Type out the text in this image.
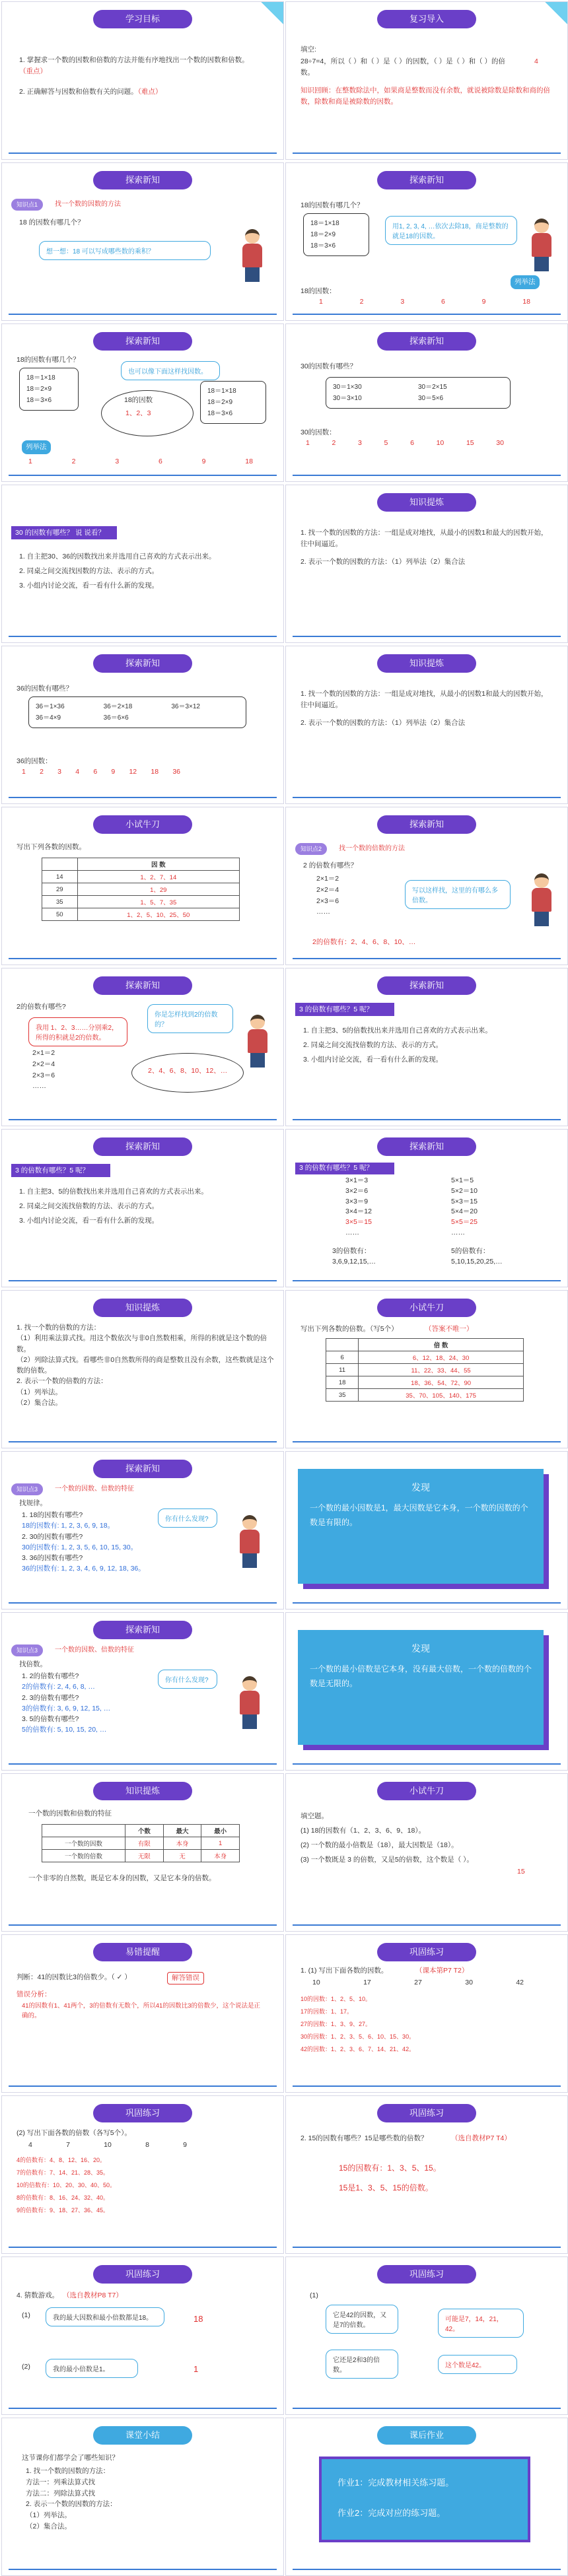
学习目标
1. 掌握求一个数的因数和倍数的方法并能有序地找出一个数的因数和倍数。（重点）
2. 正确解答与因数和倍数有关的问题。（难点）
复习导入
填空:
28÷7=4，所以（ ）和（ ）是（ ）的因数，（ ）是（ ）和（ ）的倍数。
4
知识回顾：在整数除法中，如果商是整数而没有余数，就说被除数是除数和商的倍数，除数和商是被除数的因数。
探索新知
知识点1	找一个数的因数的方法
18 的因数有哪几个？
想一想：18 可以写成哪些数的乘积？
探索新知
18的因数有哪几个？
18＝1×18
18＝2×9
18＝3×6
用1, 2, 3, 4, …依次去除18，商是整数的就是18的因数。
列举法
18的因数：
1	2	3	6	9	18
探索新知
18的因数有哪几个？
18＝1×18
18＝2×9
18＝3×6
也可以像下面这样找因数。
18的因数
1、2、3
列举法
18＝1×18
18＝2×9
18＝3×6
1	2	3	6	9	18
探索新知
30的因数有哪些？
30＝1×30	30＝2×15
30＝3×10	30＝5×6
30的因数：
1	2	3	5	6	10	15	30
30 的因数有哪些？ 说 说看？
1. 自主把30、36的因数找出来并选用自己喜欢的方式表示出来。
2. 同桌之间交流找因数的方法、表示的方式。
3. 小组内讨论交流，看一看有什么新的发现。
知识提炼
1. 找一个数的因数的方法：一组是成对地找，从最小的因数1和最大的因数开始，往中间逼近。
2. 表示一个数的因数的方法：（1）列举法（2）集合法
探索新知
36的因数有哪些？
36＝1×36	36＝2×18	36＝3×12
36＝4×9	36＝6×6
36的因数：
1 2 3 4 6 9 12 18 36
知识提炼
1. 找一个数的因数的方法：一组是成对地找，从最小的因数1和最大的因数开始，往中间逼近。
2. 表示一个数的因数的方法：（1）列举法（2）集合法
小试牛刀
写出下列各数的因数。
	因 数
14	1、2、7、14
29	1、29
35	1、5、7、35
50	1、2、5、10、25、50
探索新知
知识点2	找一个数的倍数的方法
2 的倍数有哪些？
2×1＝2
2×2＝4
2×3＝6
……
写以这样找，这里的有哪么多倍数。
2的倍数有：2、4、6、8、10、…
探索新知
2的倍数有哪些?
你是怎样找到2的倍数的？
我用 1、2、3……分别乘2，所得的积就是2的倍数。
2×1＝2
2×2＝4
2×3＝6
……
2、4、6、8、10、12、…
探索新知
3 的倍数有哪些？5 呢？
1. 自主把3、5的倍数找出来并选用自己喜欢的方式表示出来。
2. 同桌之间交流找倍数的方法、表示的方式。
3. 小组内讨论交流，看一看有什么新的发现。
探索新知
3 的倍数有哪些？5 呢？
1. 自主把3、5的倍数找出来并选用自己喜欢的方式表示出来。
2. 同桌之间交流找倍数的方法、表示的方式。
3. 小组内讨论交流，看一看有什么新的发现。
探索新知
3 的倍数有哪些？5 呢？
3×1＝3
3×2＝6
3×3＝9
3×4＝12
3×5＝15
……
5×1＝5
5×2＝10
5×3＝15
5×4＝20
5×5＝25
……
3的倍数有：
3,6,9,12,15,…
5的倍数有：
5,10,15,20,25,…
知识提炼
1. 找一个数的倍数的方法：
（1）利用乘法算式找。用这个数依次与非0自然数相乘，所得的积就是这个数的倍数。
（2）列除法算式找。看哪些非0自然数所得的商是整数且没有余数，这些数就是这个数的倍数。
2. 表示一个数的倍数的方法：
（1）列举法。
（2）集合法。
小试牛刀
写出下列各数的倍数。（写5个）	（答案不唯一）
	倍 数
6	6、12、18、24、30
11	11、22、33、44、55
18	18、36、54、72、90
35	35、70、105、140、175
探索新知
知识点3	一个数的因数、倍数的特征
找规律。
1. 18的因数有哪些?
18的因数有: 1, 2, 3, 6, 9, 18。
2. 30的因数有哪些?
30的因数有: 1, 2, 3, 5, 6, 10, 15, 30。
3. 36的因数有哪些?
36的因数有: 1, 2, 3, 4, 6, 9, 12, 18, 36。
你有什么发现?
发现
一个数的最小因数是1，最大因数是它本身，一个数的因数的个数是有限的。
探索新知
知识点3	一个数的因数、倍数的特征
找倍数。
1. 2的倍数有哪些?
2的倍数有: 2, 4, 6, 8, …
2. 3的倍数有哪些?
3的倍数有: 3, 6, 9, 12, 15, …
3. 5的倍数有哪些?
5的倍数有: 5, 10, 15, 20, …
你有什么发现?
发现
一个数的最小倍数是它本身，没有最大倍数，一个数的倍数的个数是无限的。
知识提炼
一个数的因数和倍数的特征
	个数	最大	最小
一个数的因数	有限	本身	1
一个数的倍数	无限	无	本身
一个非零的自然数，既是它本身的因数，又是它本身的倍数。
小试牛刀
填空题。
(1) 18的因数有（1、2、3、6、9、18）。
(2) 一个数的最小倍数是（18），最大因数是（18）。
(3) 一个数既是 3 的倍数，又是5的倍数，这个数是（ ）。
15
易错提醒
判断：41的因数比3的倍数少。（ ✓ ）	解答错误
错误分析：
41的因数有1、41两个，3的倍数有无数个，所以41的因数比3的倍数少，这个说法是正确的。
巩固练习
1. (1) 写出下面各数的因数。	（课本第P7 T2）
10	17	27	30	42
10的因数：1、2、5、10。
17的因数：1、17。
27的因数：1、3、9、27。
30的因数：1、2、3、5、6、10、15、30。
42的因数：1、2、3、6、7、14、21、42。
巩固练习
(2) 写出下面各数的倍数（各写5个）。
4	7	10	8	9
4的倍数有：4、8、12、16、20。
7的倍数有：7、14、21、28、35。
10的倍数有：10、20、30、40、50。
8的倍数有：8、16、24、32、40。
9的倍数有：9、18、27、36、45。
巩固练习
2. 15的因数有哪些？15是哪些数的倍数？	（选自教材P7 T4）
15的因数有：1、3、5、15。
15是1、3、5、15的倍数。
巩固练习
4. 猜数游戏。 （选自教材P8 T7）
(1)	我的最大因数和最小倍数都是18。	18
(2)	我的最小倍数是1。	1
巩固练习
(1)
它是42的因数，又是7的倍数。
可能是7，14，21，42。
它还是2和3的倍数。
这个数是42。
课堂小结
这节课你们都学会了哪些知识？
1. 找一个数的因数的方法：
方法一：列乘法算式找
方法二：列除法算式找
2. 表示一个数的因数的方法：
（1）列举法。
（2）集合法。
课后作业
作业1：完成教材相关练习题。
作业2：完成对应的练习题。
